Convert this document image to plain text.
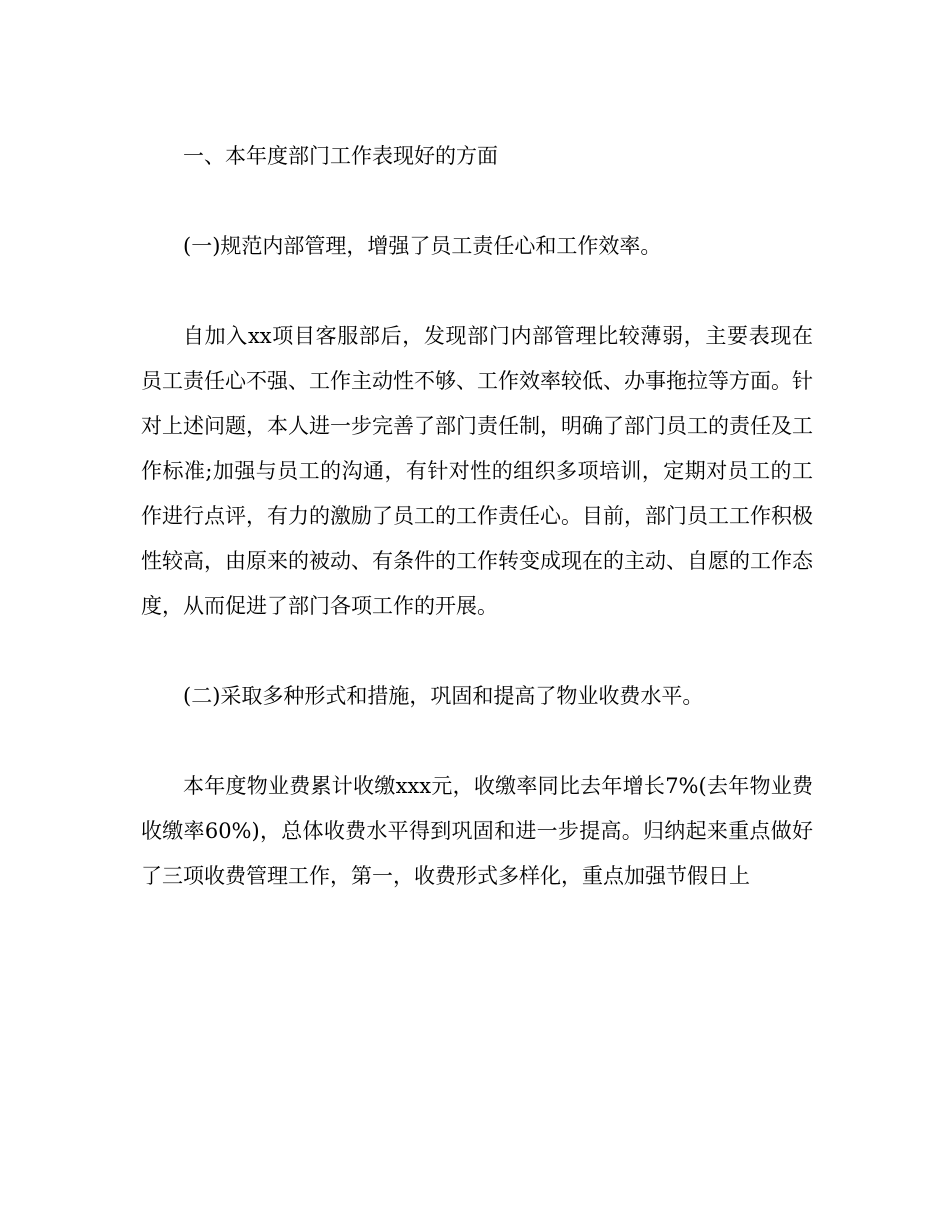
一、本年度部门工作表现好的方面

(一)规范内部管理，增强了员工责任心和工作效率。

自加入xx项目客服部后，发现部门内部管理比较薄弱，主要表现在员工责任心不强、工作主动性不够、工作效率较低、办事拖拉等方面。针对上述问题，本人进一步完善了部门责任制，明确了部门员工的责任及工作标准;加强与员工的沟通，有针对性的组织多项培训，定期对员工的工作进行点评，有力的激励了员工的工作责任心。目前，部门员工工作积极性较高，由原来的被动、有条件的工作转变成现在的主动、自愿的工作态度，从而促进了部门各项工作的开展。

(二)采取多种形式和措施，巩固和提高了物业收费水平。

本年度物业费累计收缴xxx元，收缴率同比去年增长7%(去年物业费收缴率60%)，总体收费水平得到巩固和进一步提高。归纳起来重点做好了三项收费管理工作，第一，收费形式多样化，重点加强节假日上
